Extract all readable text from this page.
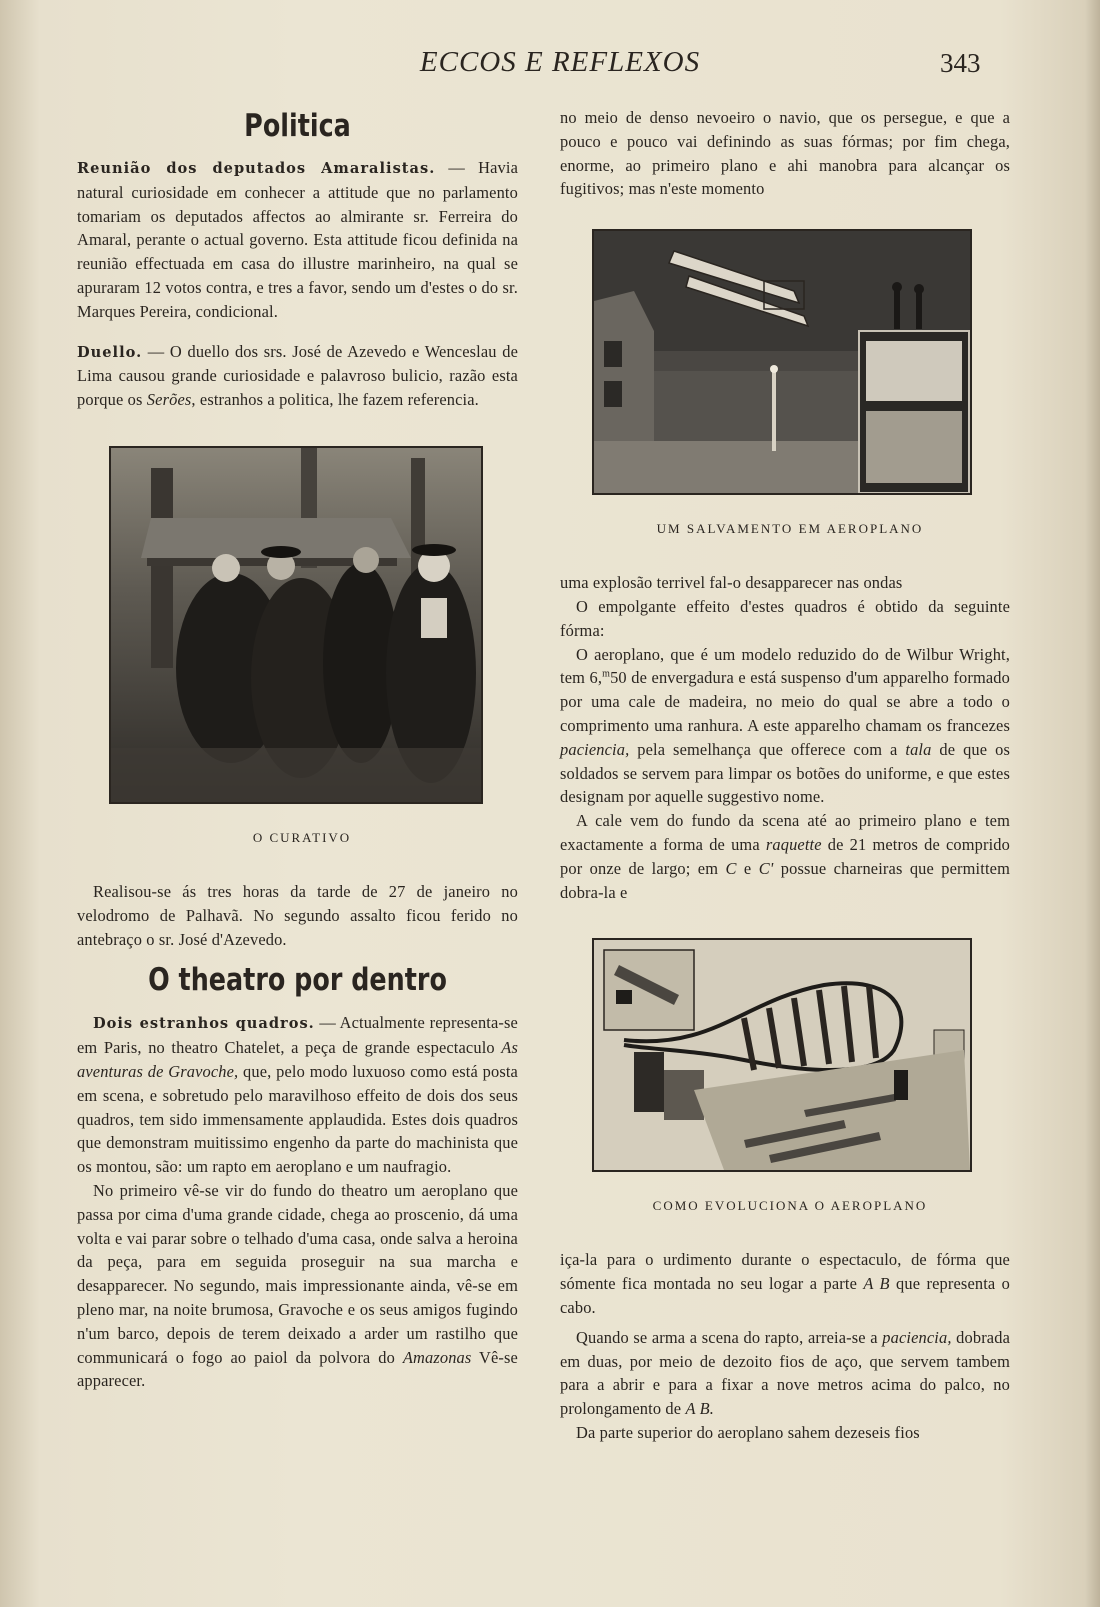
ECCOS E REFLEXOS	343
Politica

Reunião dos deputados Amaralistas. — Havia natural curiosidade em conhecer a attitude que no parlamento tomariam os deputados affectos ao almirante sr. Ferreira do Amaral, perante o actual governo. Esta attitude ficou definida na reunião effectuada em casa do illustre marinheiro, na qual se apuraram 12 votos contra, e tres a favor, sendo um d'estes o do sr. Marques Pereira, condicional.

Duello. — O duello dos srs. José de Azevedo e Wenceslau de Lima causou grande curiosidade e palavroso bulicio, razão esta porque os Serões, estranhos a politica, lhe fazem referencia.

O CURATIVO

Realisou-se ás tres horas da tarde de 27 de janeiro no velodromo de Palhavã. No segundo assalto ficou ferido no antebraço o sr. José d'Azevedo.

O theatro por dentro

Dois estranhos quadros. — Actualmente representa-se em Paris, no theatro Chatelet, a peça de grande espectaculo As aventuras de Gravoche, que, pelo modo luxuoso como está posta em scena, e sobretudo pelo maravilhoso effeito de dois dos seus quadros, tem sido immensamente applaudida. Estes dois quadros que demonstram muitissimo engenho da parte do machinista que os montou, são: um rapto em aeroplano e um naufragio.

No primeiro vê-se vir do fundo do theatro um aeroplano que passa por cima d'uma grande cidade, chega ao proscenio, dá uma volta e vai parar sobre o telhado d'uma casa, onde salva a heroina da peça, para em seguida proseguir na sua marcha e desapparecer. No segundo, mais impressionante ainda, vê-se em pleno mar, na noite brumosa, Gravoche e os seus amigos fugindo n'um barco, depois de terem deixado a arder um rastilho que communicará o fogo ao paiol da polvora do Amazonas Vê-se apparecer.

no meio de denso nevoeiro o navio, que os persegue, e que a pouco e pouco vai definindo as suas fórmas; por fim chega, enorme, ao primeiro plano e ahi manobra para alcançar os fugitivos; mas n'este momento

UM SALVAMENTO EM AEROPLANO

uma explosão terrivel fal-o desapparecer nas ondas

O empolgante effeito d'estes quadros é obtido da seguinte fórma:

O aeroplano, que é um modelo reduzido do de Wilbur Wright, tem 6,$^m$50 de envergadura e está suspenso d'um apparelho formado por uma cale de madeira, no meio do qual se abre a todo o comprimento uma ranhura. A este apparelho chamam os francezes paciencia, pela semelhança que offerece com a tala de que os soldados se servem para limpar os botões do uniforme, e que estes designam por aquelle suggestivo nome.

A cale vem do fundo da scena até ao primeiro plano e tem exactamente a forma de uma raquette de 21 metros de comprido por onze de largo; em C e C' possue charneiras que permittem dobra-la e

COMO EVOLUCIONA O AEROPLANO

iça-la para o urdimento durante o espectaculo, de fórma que sómente fica montada no seu logar a parte A B que representa o cabo.

Quando se arma a scena do rapto, arreia-se a paciencia, dobrada em duas, por meio de dezoito fios de aço, que servem tambem para a abrir e para a fixar a nove metros acima do palco, no prolongamento de A B.

Da parte superior do aeroplano sahem dezeseis fios
